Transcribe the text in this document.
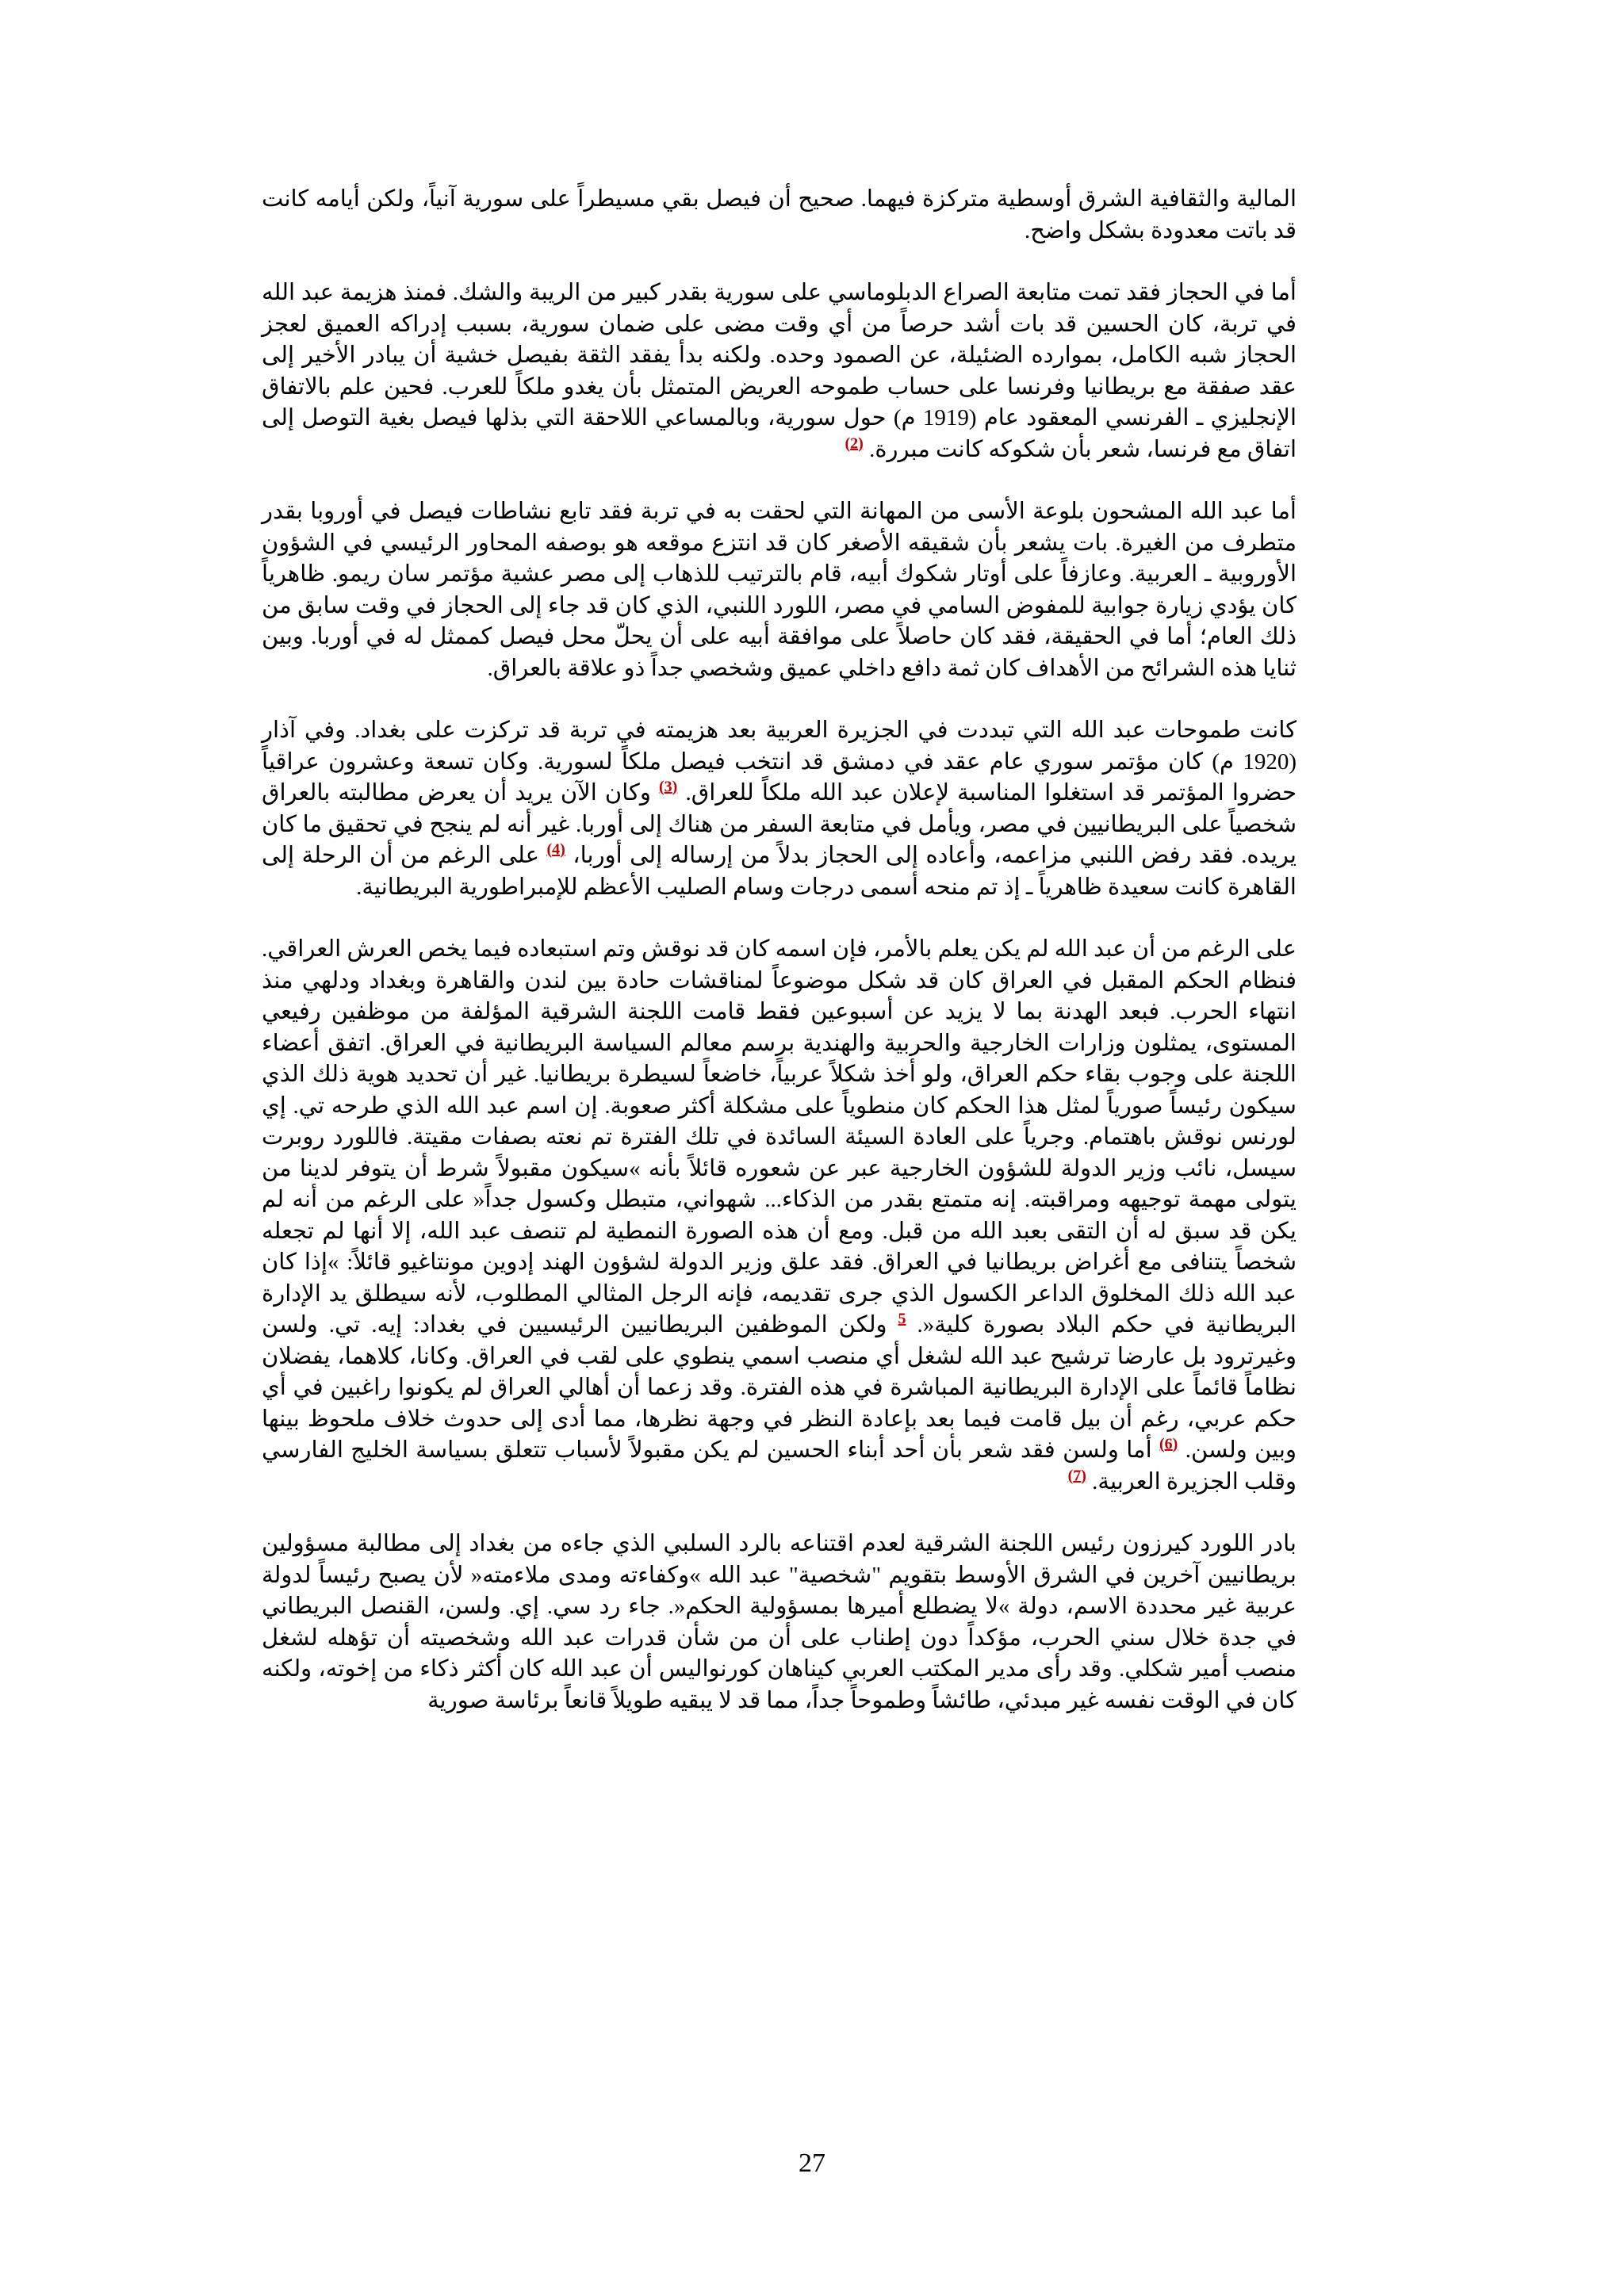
المالية والثقافية الشرق أوسطية متركزة فيهما. صحيح أن فيصل بقي مسيطراً على سورية آنياً، ولكن أيامه كانت قد باتت معدودة بشكل واضح.

أما في الحجاز فقد تمت متابعة الصراع الدبلوماسي على سورية بقدر كبير من الريبة والشك. فمنذ هزيمة عبد الله في تربة، كان الحسين قد بات أشد حرصاً من أي وقت مضى على ضمان سورية، بسبب إدراكه العميق لعجز الحجاز شبه الكامل، بموارده الضئيلة، عن الصمود وحده. ولكنه بدأ يفقد الثقة بفيصل خشية أن يبادر الأخير إلى عقد صفقة مع بريطانيا وفرنسا على حساب طموحه العريض المتمثل بأن يغدو ملكاً للعرب. فحين علم بالاتفاق الإنجليزي ـ الفرنسي المعقود عام (1919 م) حول سورية، وبالمساعي اللاحقة التي بذلها فيصل بغية التوصل إلى اتفاق مع فرنسا، شعر بأن شكوكه كانت مبررة. $^{(2)}$

أما عبد الله المشحون بلوعة الأسى من المهانة التي لحقت به في تربة فقد تابع نشاطات فيصل في أوروبا بقدر متطرف من الغيرة. بات يشعر بأن شقيقه الأصغر كان قد انتزع موقعه هو بوصفه المحاور الرئيسي في الشؤون الأوروبية ـ العربية. وعازفاً على أوتار شكوك أبيه، قام بالترتيب للذهاب إلى مصر عشية مؤتمر سان ريمو. ظاهرياً كان يؤدي زيارة جوابية للمفوض السامي في مصر، اللورد اللنبي، الذي كان قد جاء إلى الحجاز في وقت سابق من ذلك العام؛ أما في الحقيقة، فقد كان حاصلاً على موافقة أبيه على أن يحلّ محل فيصل كممثل له في أوربا. وبين ثنايا هذه الشرائح من الأهداف كان ثمة دافع داخلي عميق وشخصي جداً ذو علاقة بالعراق.

كانت طموحات عبد الله التي تبددت في الجزيرة العربية بعد هزيمته في تربة قد تركزت على بغداد. وفي آذار (1920 م) كان مؤتمر سوري عام عقد في دمشق قد انتخب فيصل ملكاً لسورية. وكان تسعة وعشرون عراقياً حضروا المؤتمر قد استغلوا المناسبة لإعلان عبد الله ملكاً للعراق. $^{(3)}$ وكان الآن يريد أن يعرض مطالبته بالعراق شخصياً على البريطانيين في مصر، ويأمل في متابعة السفر من هناك إلى أوربا. غير أنه لم ينجح في تحقيق ما كان يريده. فقد رفض اللنبي مزاعمه، وأعاده إلى الحجاز بدلاً من إرساله إلى أوربا، $^{(4)}$ على الرغم من أن الرحلة إلى القاهرة كانت سعيدة ظاهرياً ـ إذ تم منحه أسمى درجات وسام الصليب الأعظم للإمبراطورية البريطانية.

على الرغم من أن عبد الله لم يكن يعلم بالأمر، فإن اسمه كان قد نوقش وتم استبعاده فيما يخص العرش العراقي. فنظام الحكم المقبل في العراق كان قد شكل موضوعاً لمناقشات حادة بين لندن والقاهرة وبغداد ودلهي منذ انتهاء الحرب. فبعد الهدنة بما لا يزيد عن أسبوعين فقط قامت اللجنة الشرقية المؤلفة من موظفين رفيعي المستوى، يمثلون وزارات الخارجية والحربية والهندية برسم معالم السياسة البريطانية في العراق. اتفق أعضاء اللجنة على وجوب بقاء حكم العراق، ولو أخذ شكلاً عربياً، خاضعاً لسيطرة بريطانيا. غير أن تحديد هوية ذلك الذي سيكون رئيساً صورياً لمثل هذا الحكم كان منطوياً على مشكلة أكثر صعوبة. إن اسم عبد الله الذي طرحه تي. إي لورنس نوقش باهتمام. وجرياً على العادة السيئة السائدة في تلك الفترة تم نعته بصفات مقيتة. فاللورد روبرت سيسل، نائب وزير الدولة للشؤون الخارجية عبر عن شعوره قائلاً بأنه »سيكون مقبولاً شرط أن يتوفر لدينا من يتولى مهمة توجيهه ومراقبته. إنه متمتع بقدر من الذكاء... شهواني، متبطل وكسول جداً« على الرغم من أنه لم يكن قد سبق له أن التقى بعبد الله من قبل. ومع أن هذه الصورة النمطية لم تنصف عبد الله، إلا أنها لم تجعله شخصاً يتنافى مع أغراض بريطانيا في العراق. فقد علق وزير الدولة لشؤون الهند إدوين مونتاغيو قائلاً: »إذا كان عبد الله ذلك المخلوق الداعر الكسول الذي جرى تقديمه، فإنه الرجل المثالي المطلوب، لأنه سيطلق يد الإدارة البريطانية في حكم البلاد بصورة كلية«. $^5$ ولكن الموظفين البريطانيين الرئيسيين في بغداد: إيه. تي. ولسن وغيرترود بل عارضا ترشيح عبد الله لشغل أي منصب اسمي ينطوي على لقب في العراق. وكانا، كلاهما، يفضلان نظاماً قائماً على الإدارة البريطانية المباشرة في هذه الفترة. وقد زعما أن أهالي العراق لم يكونوا راغبين في أي حكم عربي، رغم أن بيل قامت فيما بعد بإعادة النظر في وجهة نظرها، مما أدى إلى حدوث خلاف ملحوظ بينها وبين ولسن. $^{(6)}$ أما ولسن فقد شعر بأن أحد أبناء الحسين لم يكن مقبولاً لأسباب تتعلق بسياسة الخليج الفارسي وقلب الجزيرة العربية. $^{(7)}$

بادر اللورد كيرزون رئيس اللجنة الشرقية لعدم اقتناعه بالرد السلبي الذي جاءه من بغداد إلى مطالبة مسؤولين بريطانيين آخرين في الشرق الأوسط بتقويم "شخصية" عبد الله »وكفاءته ومدى ملاءمته« لأن يصبح رئيساً لدولة عربية غير محددة الاسم، دولة »لا يضطلع أميرها بمسؤولية الحكم«. جاء رد سي. إي. ولسن، القنصل البريطاني في جدة خلال سني الحرب، مؤكداً دون إطناب على أن من شأن قدرات عبد الله وشخصيته أن تؤهله لشغل منصب أمير شكلي. وقد رأى مدير المكتب العربي كيناهان كورنواليس أن عبد الله كان أكثر ذكاء من إخوته، ولكنه كان في الوقت نفسه غير مبدئي، طائشاً وطموحاً جداً، مما قد لا يبقيه طويلاً قانعاً برئاسة صورية

27
